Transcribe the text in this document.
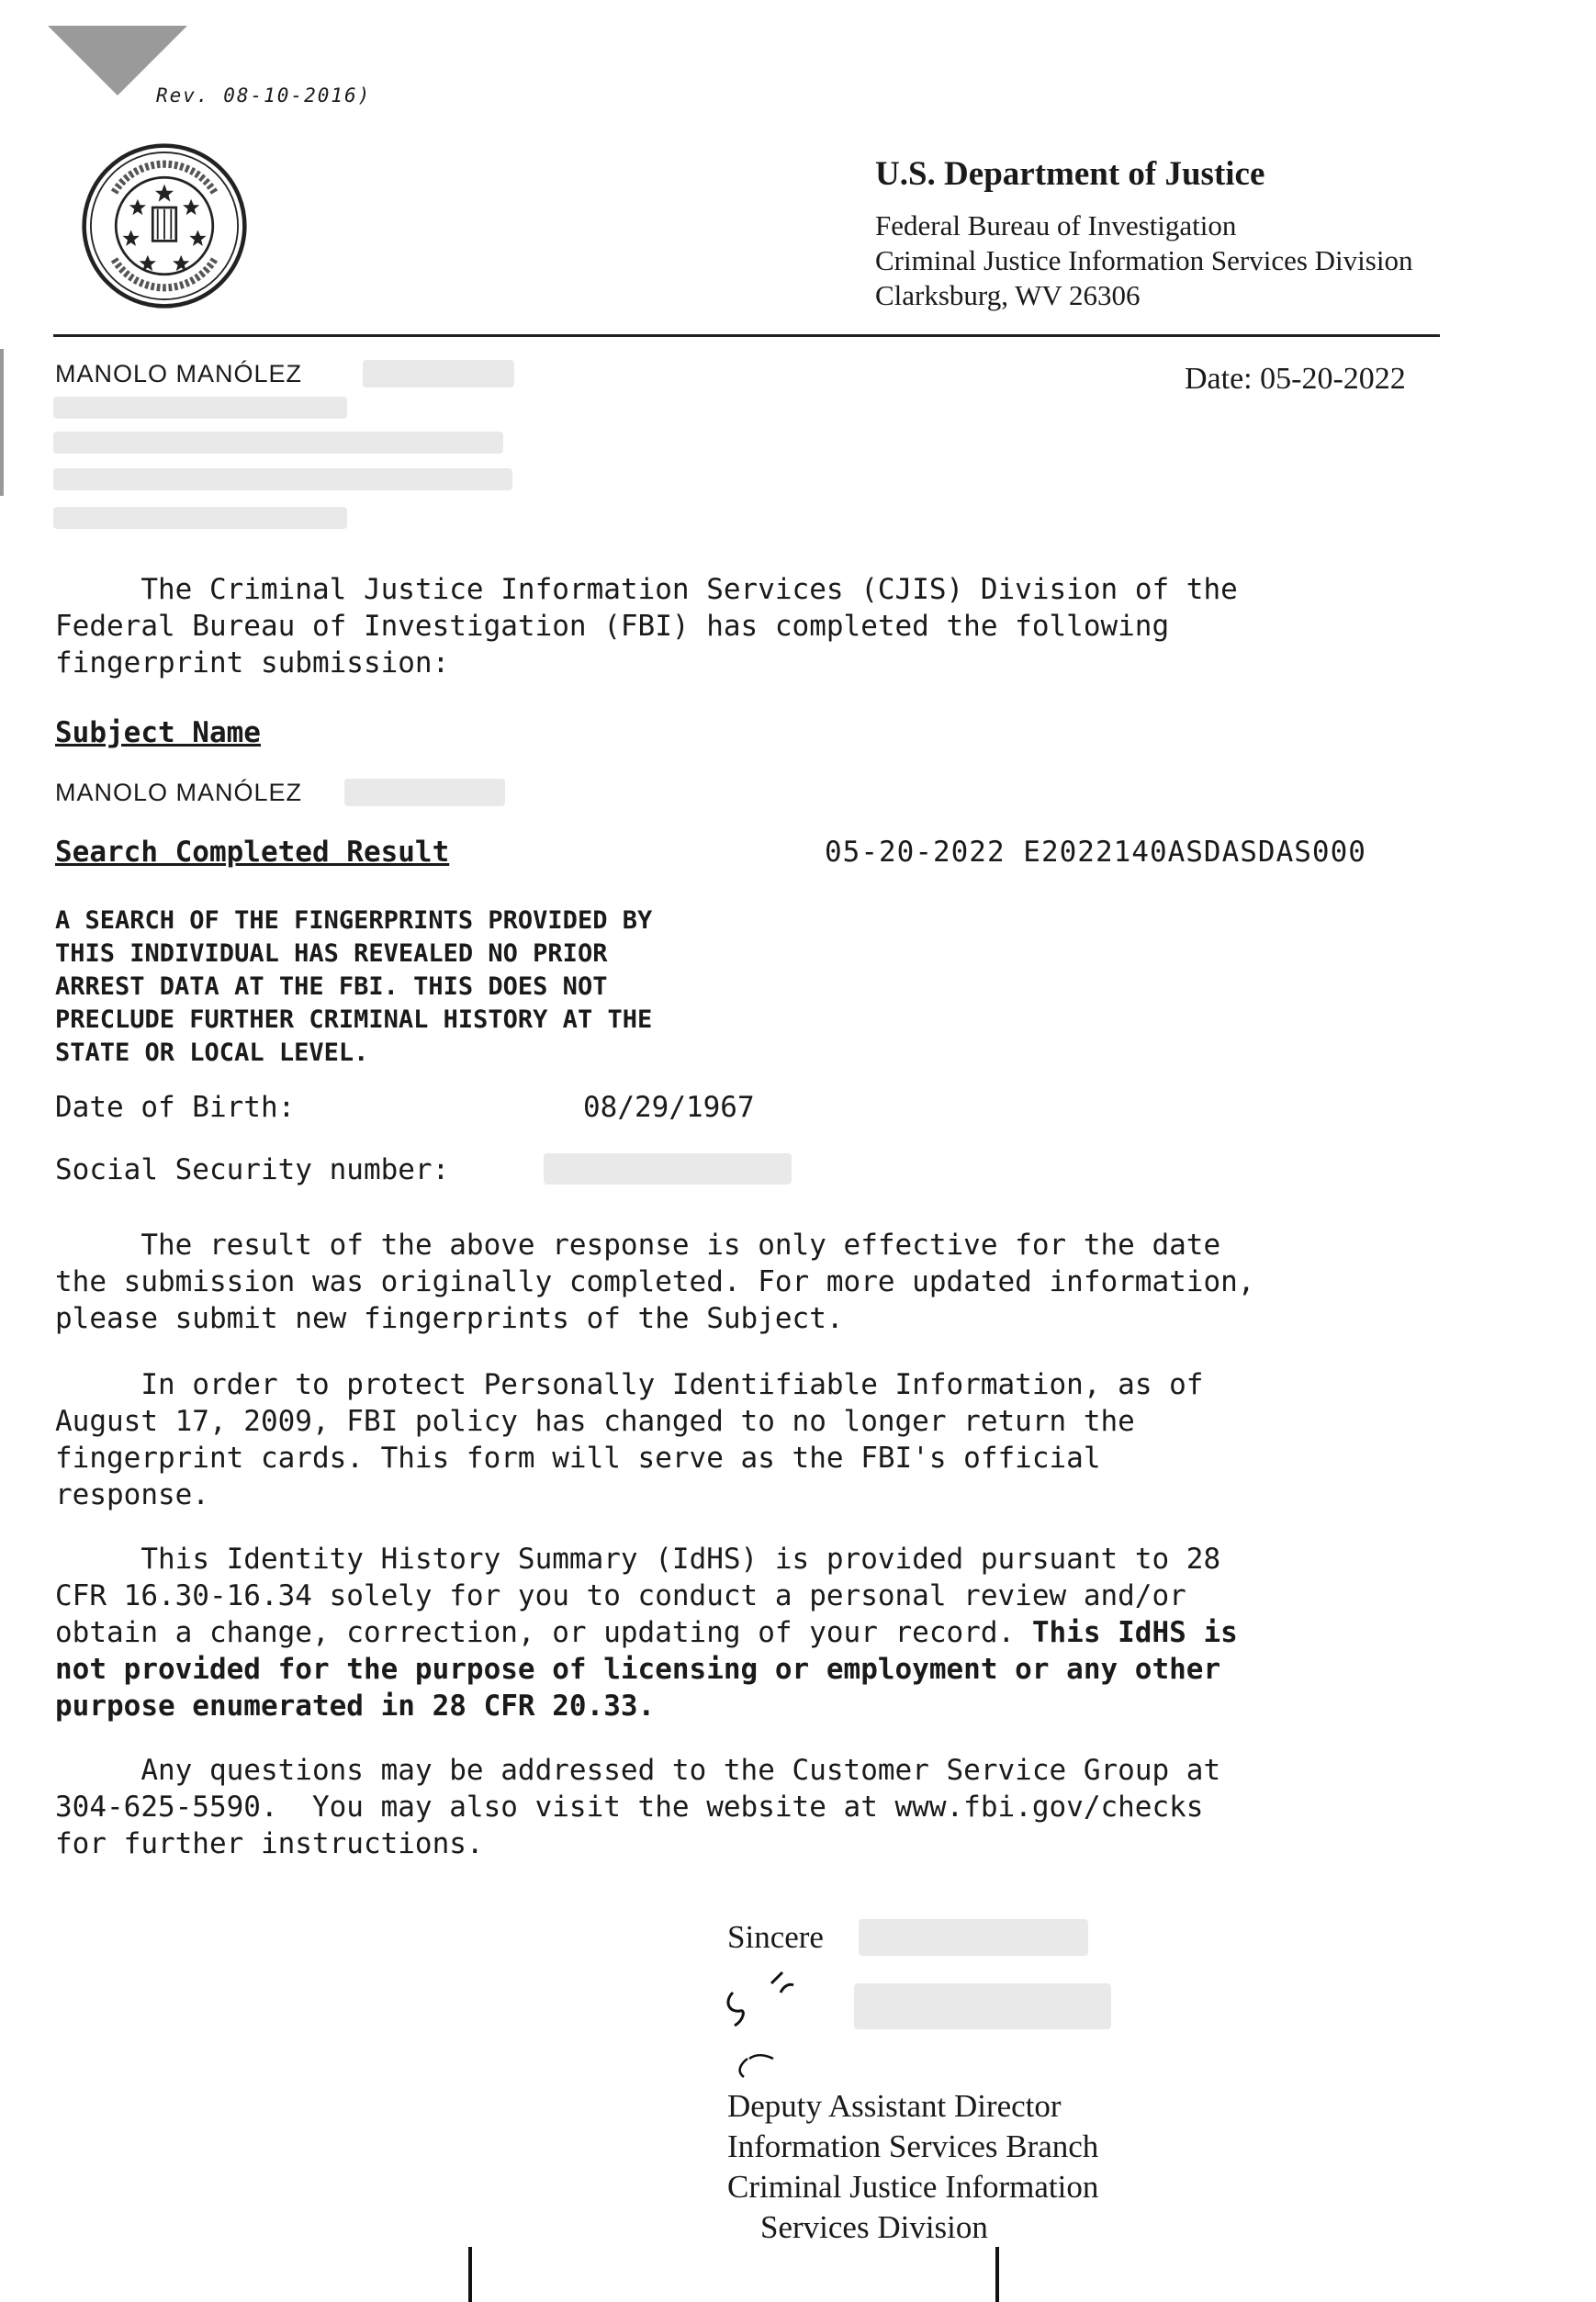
Rev. 08-10-2016)
U.S. Department of Justice
Federal Bureau of Investigation
Criminal Justice Information Services Division
Clarksburg, WV 26306
MANOLO MANÓLEZ	Date: 05-20-2022
The Criminal Justice Information Services (CJIS) Division of the
Federal Bureau of Investigation (FBI) has completed the following
fingerprint submission:
Subject Name
MANOLO MANÓLEZ
Search Completed Result	05-20-2022 E2022140ASDASDAS000
A SEARCH OF THE FINGERPRINTS PROVIDED BY
THIS INDIVIDUAL HAS REVEALED NO PRIOR
ARREST DATA AT THE FBI. THIS DOES NOT
PRECLUDE FURTHER CRIMINAL HISTORY AT THE
STATE OR LOCAL LEVEL.
Date of Birth:	08/29/1967
Social Security number:
The result of the above response is only effective for the date
the submission was originally completed. For more updated information,
please submit new fingerprints of the Subject.
In order to protect Personally Identifiable Information, as of
August 17, 2009, FBI policy has changed to no longer return the
fingerprint cards. This form will serve as the FBI's official
response.
This Identity History Summary (IdHS) is provided pursuant to 28
CFR 16.30-16.34 solely for you to conduct a personal review and/or
obtain a change, correction, or updating of your record. This IdHS is
not provided for the purpose of licensing or employment or any other
purpose enumerated in 28 CFR 20.33.
Any questions may be addressed to the Customer Service Group at
304-625-5590.  You may also visit the website at www.fbi.gov/checks
for further instructions.
Sincere
Deputy Assistant Director
Information Services Branch
Criminal Justice Information
Services Division
